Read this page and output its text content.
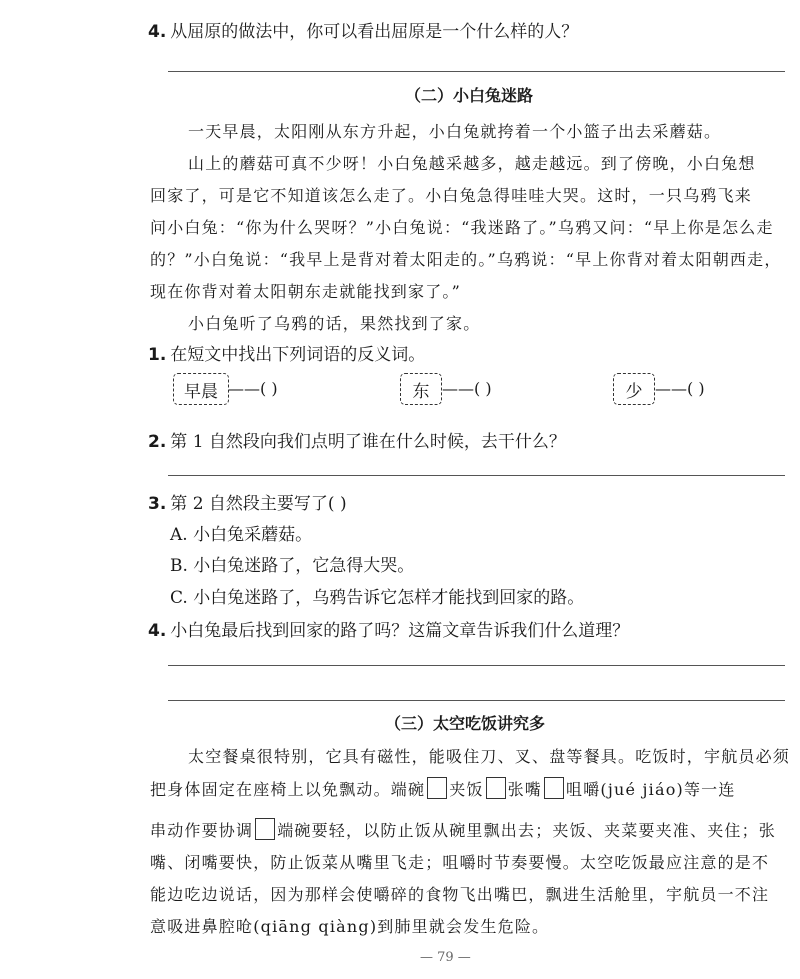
4. 从屈原的做法中，你可以看出屈原是一个什么样的人？
（二）小白兔迷路
一天早晨，太阳刚从东方升起，小白兔就挎着一个小篮子出去采蘑菇。
山上的蘑菇可真不少呀！小白兔越采越多，越走越远。到了傍晚，小白兔想
回家了，可是它不知道该怎么走了。小白兔急得哇哇大哭。这时，一只乌鸦飞来
问小白兔：“你为什么哭呀？”小白兔说：“我迷路了。”乌鸦又问：“早上你是怎么走
的？”小白兔说：“我早上是背对着太阳走的。”乌鸦说：“早上你背对着太阳朝西走，
现在你背对着太阳朝东走就能找到家了。”
小白兔听了乌鸦的话，果然找到了家。
1. 在短文中找出下列词语的反义词。
早晨 ——( )	东 ——( )	少 ——( )
2. 第 1 自然段向我们点明了谁在什么时候，去干什么？
3. 第 2 自然段主要写了( )
A. 小白兔采蘑菇。
B. 小白兔迷路了，它急得大哭。
C. 小白兔迷路了，乌鸦告诉它怎样才能找到回家的路。
4. 小白兔最后找到回家的路了吗？这篇文章告诉我们什么道理？
（三）太空吃饭讲究多
太空餐桌很特别，它具有磁性，能吸住刀、叉、盘等餐具。吃饭时，宇航员必须
把身体固定在座椅上以免飘动。端碗 夹饭 张嘴 咀嚼(jué jiáo)等一连
串动作要协调 端碗要轻，以防止饭从碗里飘出去；夹饭、夹菜要夹准、夹住；张
嘴、闭嘴要快，防止饭菜从嘴里飞走；咀嚼时节奏要慢。太空吃饭最应注意的是不
能边吃边说话，因为那样会使嚼碎的食物飞出嘴巴，飘进生活舱里，宇航员一不注
意吸进鼻腔呛(qiāng qiàng)到肺里就会发生危险。
— 79 —
